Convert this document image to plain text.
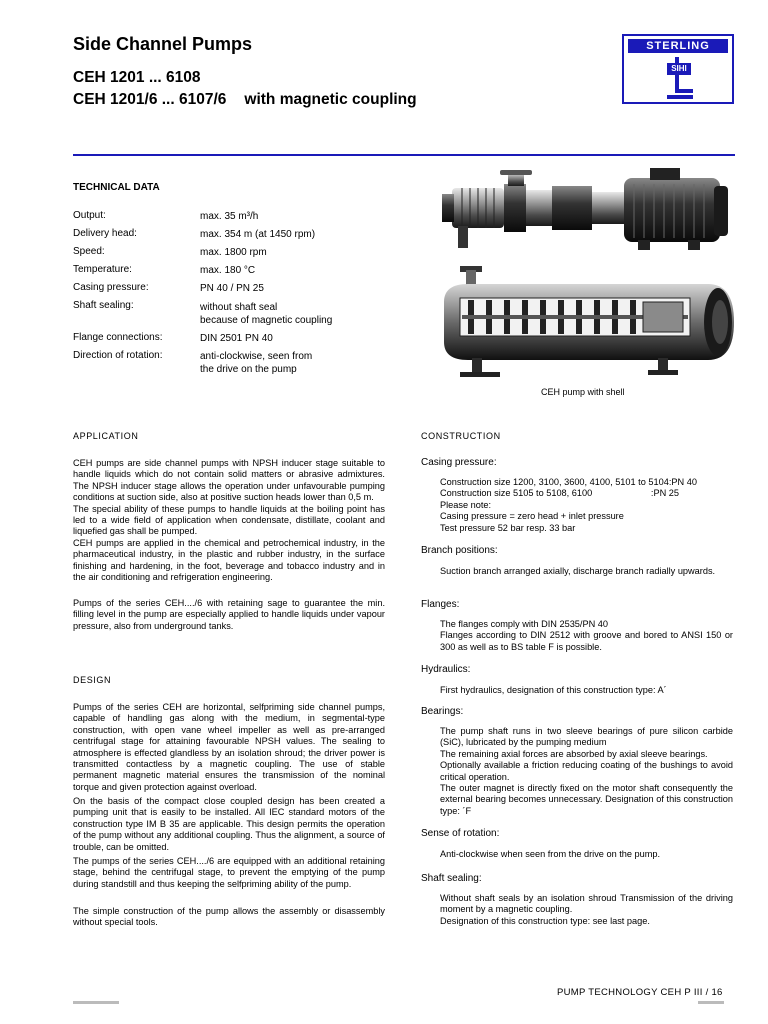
Side Channel Pumps
CEH 1201 ... 6108
CEH 1201/6 ... 6107/6 with magnetic coupling
STERLING
SIHI
TECHNICAL DATA
Output:	max. 35 m³/h
Delivery head:	max. 354 m (at 1450 rpm)
Speed:	max. 1800 rpm
Temperature:	max. 180 °C
Casing pressure:	PN 40 / PN 25
Shaft sealing:	without shaft seal
because of magnetic coupling
Flange connections:	DIN 2501 PN 40
Direction of rotation:	anti-clockwise, seen from
the drive on the pump
CEH pump with shell
APPLICATION

CEH pumps are side channel pumps with NPSH inducer stage suitable to handle liquids which do not contain solid matters or abrasive admixtures. The NPSH inducer stage allows the operation under unfavourable pumping conditions at suction side, also at positive suction heads lower than 0,5 m.
The special ability of these pumps to handle liquids at the boiling point has led to a wide field of application when condensate, distillate, coolant and liquefied gas shall be pumped.
CEH pumps are applied in the chemical and petrochemical industry, in the pharmaceutical industry, in the plastic and rubber industry, in the surface finishing and hardening, in the foot, beverage and tobacco industry and in the air conditioning and refrigeration engineering.

Pumps of the series CEH..../6 with retaining sage to guarantee the min. filling level in the pump are especially applied to handle liquids under vapour pressure, also from underground tanks.

DESIGN

Pumps of the series CEH are horizontal, selfpriming side channel pumps, capable of handling gas along with the medium, in segmental-type construction, with open vane wheel impeller as well as pre-arranged centrifugal stage for attaining favourable NPSH values. The sealing to atmosphere is effected glandless by an isolation shroud; the driver power is transmitted contactless by a magnetic coupling. The use of stable permanent magnetic material ensures the transmission of the nominal torque and given protection against overload.

On the basis of the compact close coupled design has been created a pumping unit that is easily to be installed. All IEC standard motors of the construction type IM B 35 are applicable. This design permits the operation of the pump without any additional coupling. Thus the alignment, a source of trouble, can be omitted.

The pumps of the series CEH..../6 are equipped with an additional retaining stage, behind the centrifugal stage, to prevent the emptying of the pump during standstill and thus keeping the selfpriming ability of the pump.

The simple construction of the pump allows the assembly or disassembly without special tools.

CONSTRUCTION
Casing pressure:

Construction size 1200, 3100, 3600, 4100, 5101 to 5104:PN 40
Construction size 5105 to 5108, 6100                       :PN 25
Please note:
Casing pressure = zero head + inlet pressure
Test pressure 52 bar resp. 33 bar

Branch positions:

Suction branch arranged axially, discharge branch radially upwards.

Flanges:

The flanges comply with DIN 2535/PN 40
Flanges according to DIN 2512 with groove and bored to ANSI 150 or 300 as well as to BS table F is possible.

Hydraulics:

First hydraulics, designation of this construction type: A´

Bearings:

The pump shaft runs in two sleeve bearings of pure silicon carbide (SiC), lubricated by the pumping medium
The remaining axial forces are absorbed by axial sleeve bearings.
Optionally available a friction reducing coating of the bushings to avoid critical operation.
The outer magnet is directly fixed on the motor shaft consequently the external bearing becomes unnecessary. Designation of this construction type: ´F

Sense of rotation:

Anti-clockwise when seen from the drive on the pump.

Shaft sealing:

Without shaft seals by an isolation shroud Transmission of the driving moment by a magnetic coupling.
Designation of this construction type: see last page.

PUMP TECHNOLOGY CEH P III / 16
